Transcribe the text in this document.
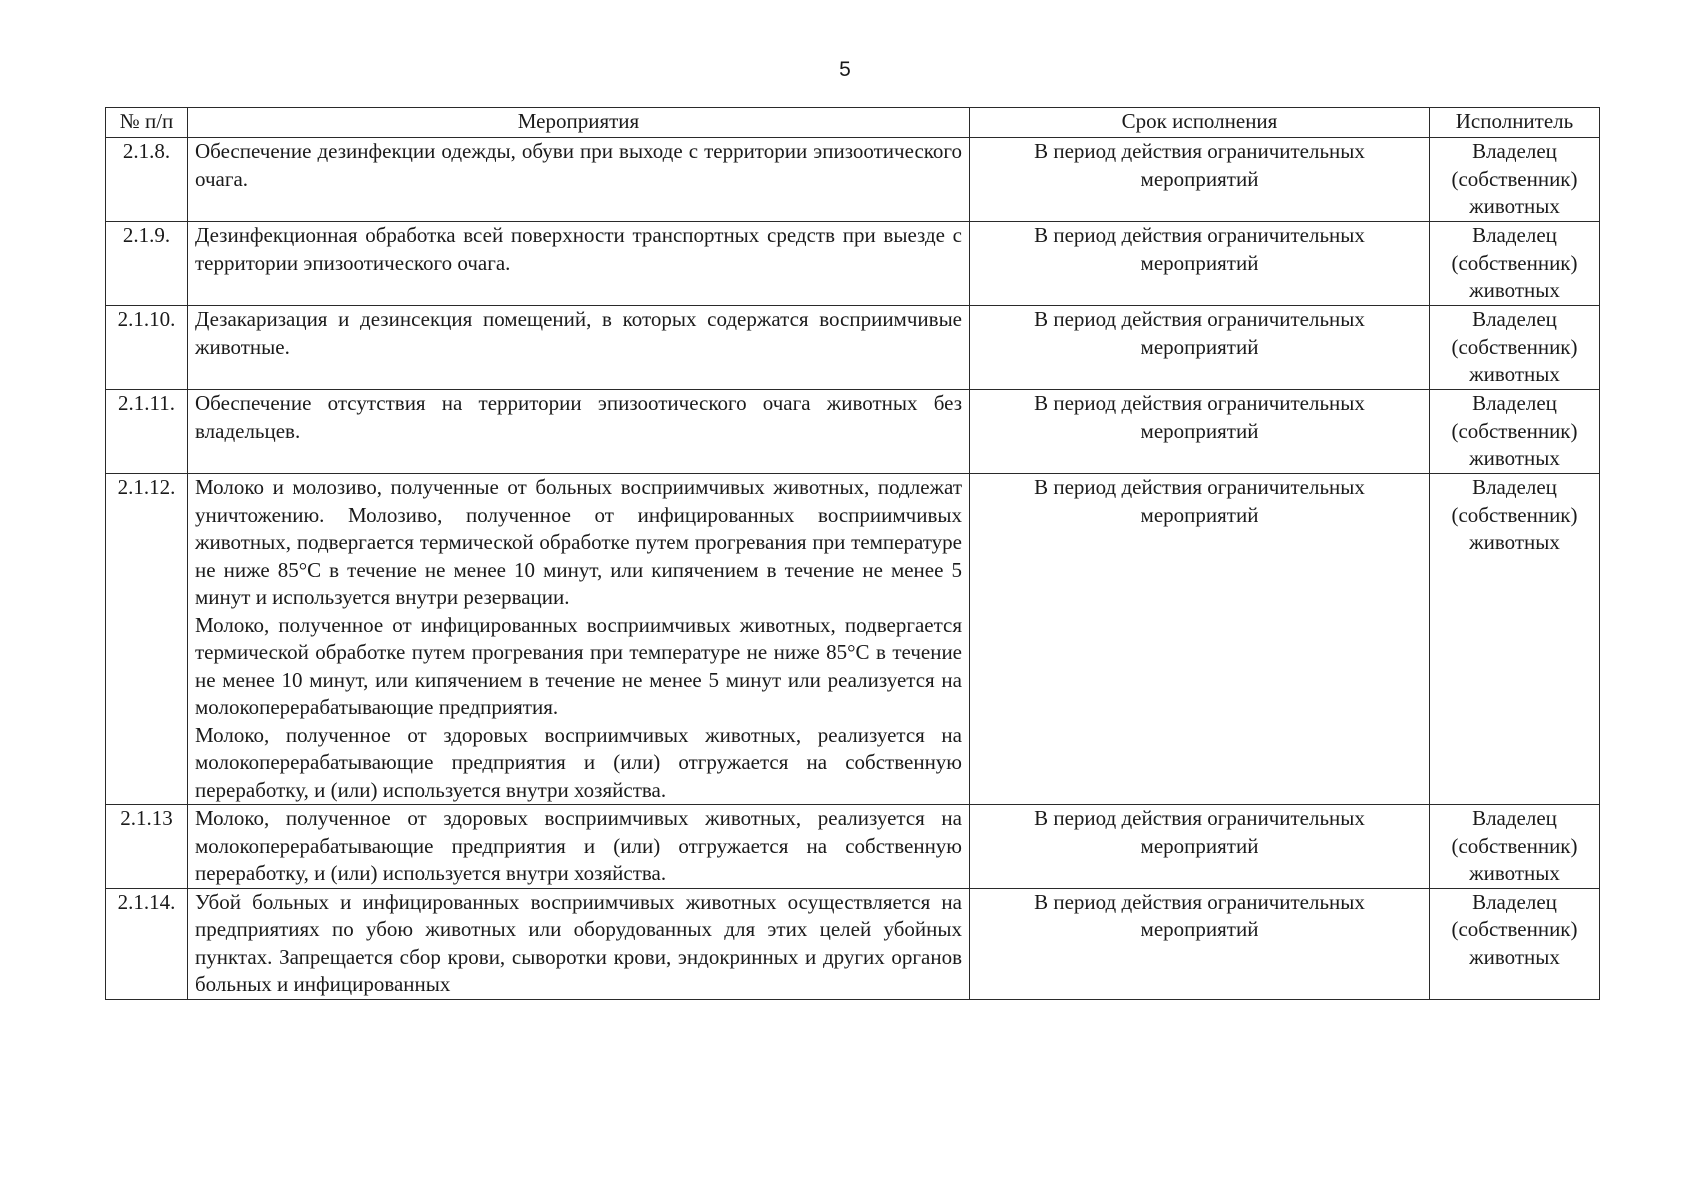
5
№ п/п	Мероприятия	Срок исполнения	Исполнитель
2.1.8.	Обеспечение дезинфекции одежды, обуви при выходе с территории эпизоотического очага.	В период действия ограничительных мероприятий	Владелец (собственник) животных
2.1.9.	Дезинфекционная обработка всей поверхности транспортных средств при выезде с территории эпизоотического очага.	В период действия ограничительных мероприятий	Владелец (собственник) животных
2.1.10.	Дезакаризация и дезинсекция помещений, в которых содержатся восприимчивые животные.	В период действия ограничительных мероприятий	Владелец (собственник) животных
2.1.11.	Обеспечение отсутствия на территории эпизоотического очага животных без владельцев.	В период действия ограничительных мероприятий	Владелец (собственник) животных
2.1.12.	Молоко и молозиво, полученные от больных восприимчивых животных, подлежат уничтожению. Молозиво, полученное от инфицированных восприимчивых животных, подвергается термической обработке путем прогревания при температуре не ниже 85°С в течение не менее 10 минут, или кипячением в течение не менее 5 минут и используется внутри резервации.
Молоко, полученное от инфицированных восприимчивых животных, подвергается термической обработке путем прогревания при температуре не ниже 85°С в течение не менее 10 минут, или кипячением в течение не менее 5 минут или реализуется на молокоперерабатывающие предприятия.
Молоко, полученное от здоровых восприимчивых животных, реализуется на молокоперерабатывающие предприятия и (или) отгружается на собственную переработку, и (или) используется внутри хозяйства.	В период действия ограничительных мероприятий	Владелец (собственник) животных
2.1.13	Молоко, полученное от здоровых восприимчивых животных, реализуется на молокоперерабатывающие предприятия и (или) отгружается на собственную переработку, и (или) используется внутри хозяйства.	В период действия ограничительных мероприятий	Владелец (собственник) животных
2.1.14.	Убой больных и инфицированных восприимчивых животных осуществляется на предприятиях по убою животных или оборудованных для этих целей убойных пунктах. Запрещается сбор крови, сыворотки крови, эндокринных и других органов больных и инфицированных	В период действия ограничительных мероприятий	Владелец (собственник) животных
